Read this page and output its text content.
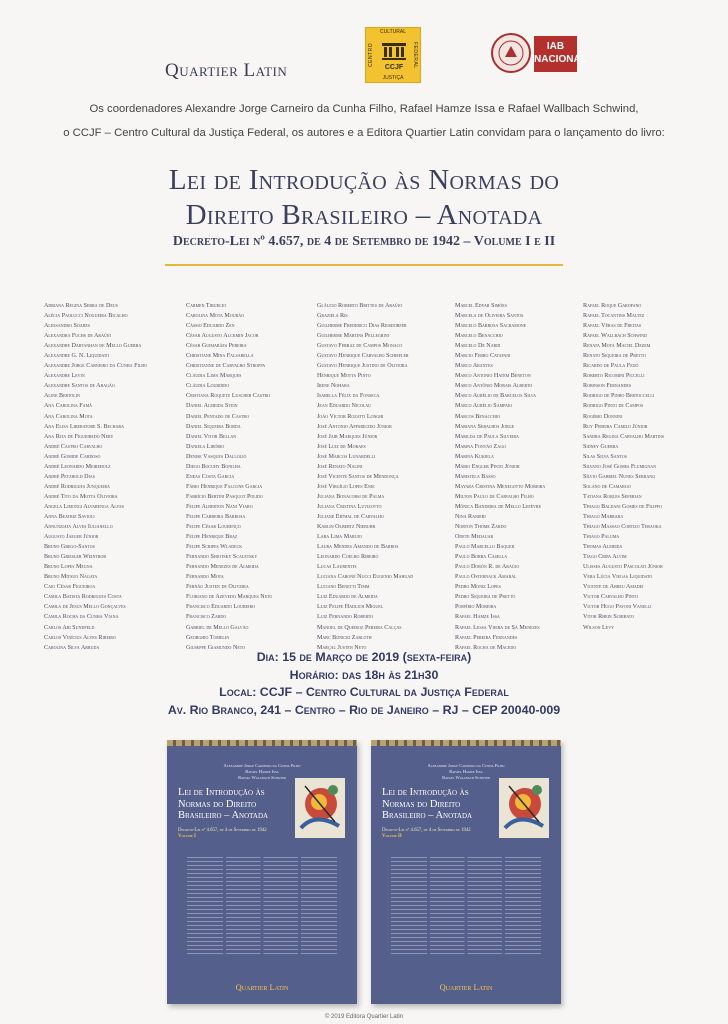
Quartier Latin
CULTURAL
CENTRO	FEDERAL
CCJF
JUSTIÇA
IAB
NACIONAL
Os coordenadores Alexandre Jorge Carneiro da Cunha Filho, Rafael Hamze Issa e Rafael Wallbach Schwind,
o CCJF – Centro Cultural da Justiça Federal, os autores e a Editora Quartier Latin convidam para o lançamento do livro:
Lei de Introdução às Normas do
Direito Brasileiro – Anotada
Decreto-Lei nº 4.657, de 4 de Setembro de 1942 – Volume I e II
Adriana Regina Serra de Deus
Alécia Paolucci Nogueira Bicalho
Alessandro Soares
Alexandra Fuchs de Araújo
Alexandre Dartanhan de Mello Guerra
Alexandre G. N. Liquidato
Alexandre Jorge Carneiro da Cunha Filho
Alexandre Levin
Alexandre Santos de Aragão
Aline Bertolin
Ana Carolina Famá
Ana Carolina Mota
Ana Elisa Liberatore S. Bechara
Ana Rita de Figueiredo Nery
André Castro Carvalho
André Gomide Cardoso
André Leonardo Meireholz
André Petzhold Dias
André Rodrigues Junqueira
André Tito da Motta Oliveira
Angela Limongi Alvarenga Alves
Anna Beatriz Savioli
Annunziata Alves Iulianello
Augusto Jaeger Júnior
Bruno Grego-Santos
Bruno Griesler Weintrob
Bruno Lopes Megna
Bruno Mitsuo Nagata
Caio César Figueiroa
Camila Batista Rodrigues Costa
Camila de Jesus Mello Gonçalves
Camila Rocha da Cunha Viana
Carlos Ari Sundfeld
Carlos Vinícius Alves Ribeiro
Carolina Silva Arruda
Carmen Tiburcio
Carolina Mota Mourão
Cássio Eduardo Zen
César Augusto Alckmin Jacob
César Guimarães Pereira
Christiane Mina Falsarella
Christianne de Carvalho Stroppa
Cláudia Lima Marques
Cláudia Lourdido
Cristiana Roquete Luscher Castro
Daniel Almeida Stein
Daniel Pentado de Castro
Daniel Siqueira Borda
Daniel Vitor Bellan
Daniela Libório
Denise Vasques Dallolio
Diego Bocuhy Bonilha
Eneas Costa Garcia
Fábio Henrique Falcone Garcia
Fabrício Bertini Pasquot Polido
Felipe Alberton Nani Viaro
Felipe Carreira Barbosa
Felipe César Lourenço
Felipe Henrique Braz
Felipe Scripes Wladeck
Fernando Shiotsky Scaletsky
Fernando Menezes de Almeida
Fernando Mota
Fernão Justen de Oliveira
Floriano de Azevedo Marques Neto
Francisco Eduardo Loureiro
Francisco Zardo
Gabriel de Mello Galvão
Georghio Tomelin
Giuseppe Giamundo Neto
Gláucio Roberto Brittes de Araújo
Graziela Ris
Guilherme Frederico Dias Reisdorfer
Guilherme Martins Pellegrini
Gustavo Ferraz de Campos Monaco
Gustavo Henrique Carvalho Schiefler
Gustavo Henrique Justino de Oliveira
Henrique Motta Pinto
Irene Nohara
Isabella Félix da Fonseca
Jean Eduardo Nicolau
João Victor Rozatti Longhi
José Antonio Apparecido Júnior
José Jair Marques Júnior
José Luiz de Moraes
José Marcos Lunardelli
José Renato Nalini
José Vicente Santos de Mendonça
José Virgílio Lopes Enei
Juliana Bonacorsi de Palma
Juliana Cristina Luvizotto
Juliane Erthal de Carvalho
Karlin Olbertz Niebuhr
Lara Lima Marujo
Laura Mendes Amando de Barros
Leonardo Coelho Ribeiro
Lucas Laurentis
Luciana Carone Nucci Eugenio Mahuad
Luciano Benetti Timm
Luiz Eduardo de Almeida
Luiz Felipe Hadlich Miguel
Luiz Fernando Roberto
Manoel de Queiroz Pereira Calças
Marc Bijnicki Zabloth
Marçal Justen Neto
Marcel Edvar Simões
Marcela de Oliveira Santos
Marcelo Barbosa Sacramone
Marcelo Benacchio
Marcelo De Nardi
Marcio Ferro Catapani
Marco Arantes
Marco Antonio Hatem Beneton
Marco Antônio Morais Alberto
Marco Aurélio de Barcelos Silva
Marco Aurélio Sampaio
Marcos Benacchio
Mariana Sebalhos Jorge
Marilda de Paula Silveira
Marina Fontão Zago
Marina Kukiela
Mário Engler Pinto Júnior
Maristela Basso
Mayara Cristina Menegotto Moreira
Milton Paulo de Carvalho Filho
Mônica Bandeira de Mello Lefèvre
Nina Ranieri
Norton Thome Zardo
Odete Medauar
Paulo Marcello Baquer
Paulo Borba Casella
Paulo Dorón R. de Araújo
Paulo Osternack Amaral
Pedro Moniz Lopes
Pedro Siqueira de Pretto
Porfírio Moreira
Rafael Hamze Issa
Rafael Lessa Vieira de Sá Menezes
Rafael Pereira Fernandes
Rafael Rocha de Macedo
Rafael Roque Garofano
Rafael Tocantins Maltez
Rafael Véras de Freitas
Rafael Wallbach Schwind
Renata Mota Maciel Dezem
Renato Siqueira de Pretto
Ricardo de Paula Feijó
Roberto Ricomini Piccelli
Robinson Fernandes
Rodrigo de Pinho Bertoccelli
Rodrigo Pinto de Campos
Rogério Donnini
Ruy Pereira Camilo Júnior
Sandra Regina Carvalho Martins
Sidney Guerra
Silas Silva Santos
Silvano José Gomes Flumignan
Sílvio Gabriel Nunes Serrano
Solano de Camargo
Tatiana Robles Seferian
Thiago Baldani Gomes de Filippo
Thiago Marrara
Thiago Massao Cortizo Teraoka
Thiago Paluma
Thomas Almeida
Tiago Cripa Alvim
Ulisses Augusto Pascolati Júnior
Vera Lúcia Viegas Liquidato
Vicente de Abreu Amadei
Victor Carvalho Pinto
Victor Hugo Pavoni Vanelli
Vitor Rhein Schirato
Wilson Levy
Dia: 15 de Março de 2019 (sexta-feira)
Horário: das 18h às 21h30
Local: CCJF – Centro Cultural da Justiça Federal
Av. Rio Branco, 241 – Centro – Rio de Janeiro – RJ – CEP 20040-009
Alexandre Jorge Carneiro da Cunha Filho
Rafael Hamze Issa
Rafael Wallbach Schwind
Lei de Introdução às
Normas do Direito
Brasileiro – Anotada
Decreto-Lei nº 4.657, de 4 de Setembro de 1942
Volume I
Quartier Latin
Alexandre Jorge Carneiro da Cunha Filho
Rafael Hamze Issa
Rafael Wallbach Schwind
Lei de Introdução às
Normas do Direito
Brasileiro – Anotada
Decreto-Lei nº 4.657, de 4 de Setembro de 1942
Volume II
Quartier Latin
© 2019 Editora Quartier Latin
